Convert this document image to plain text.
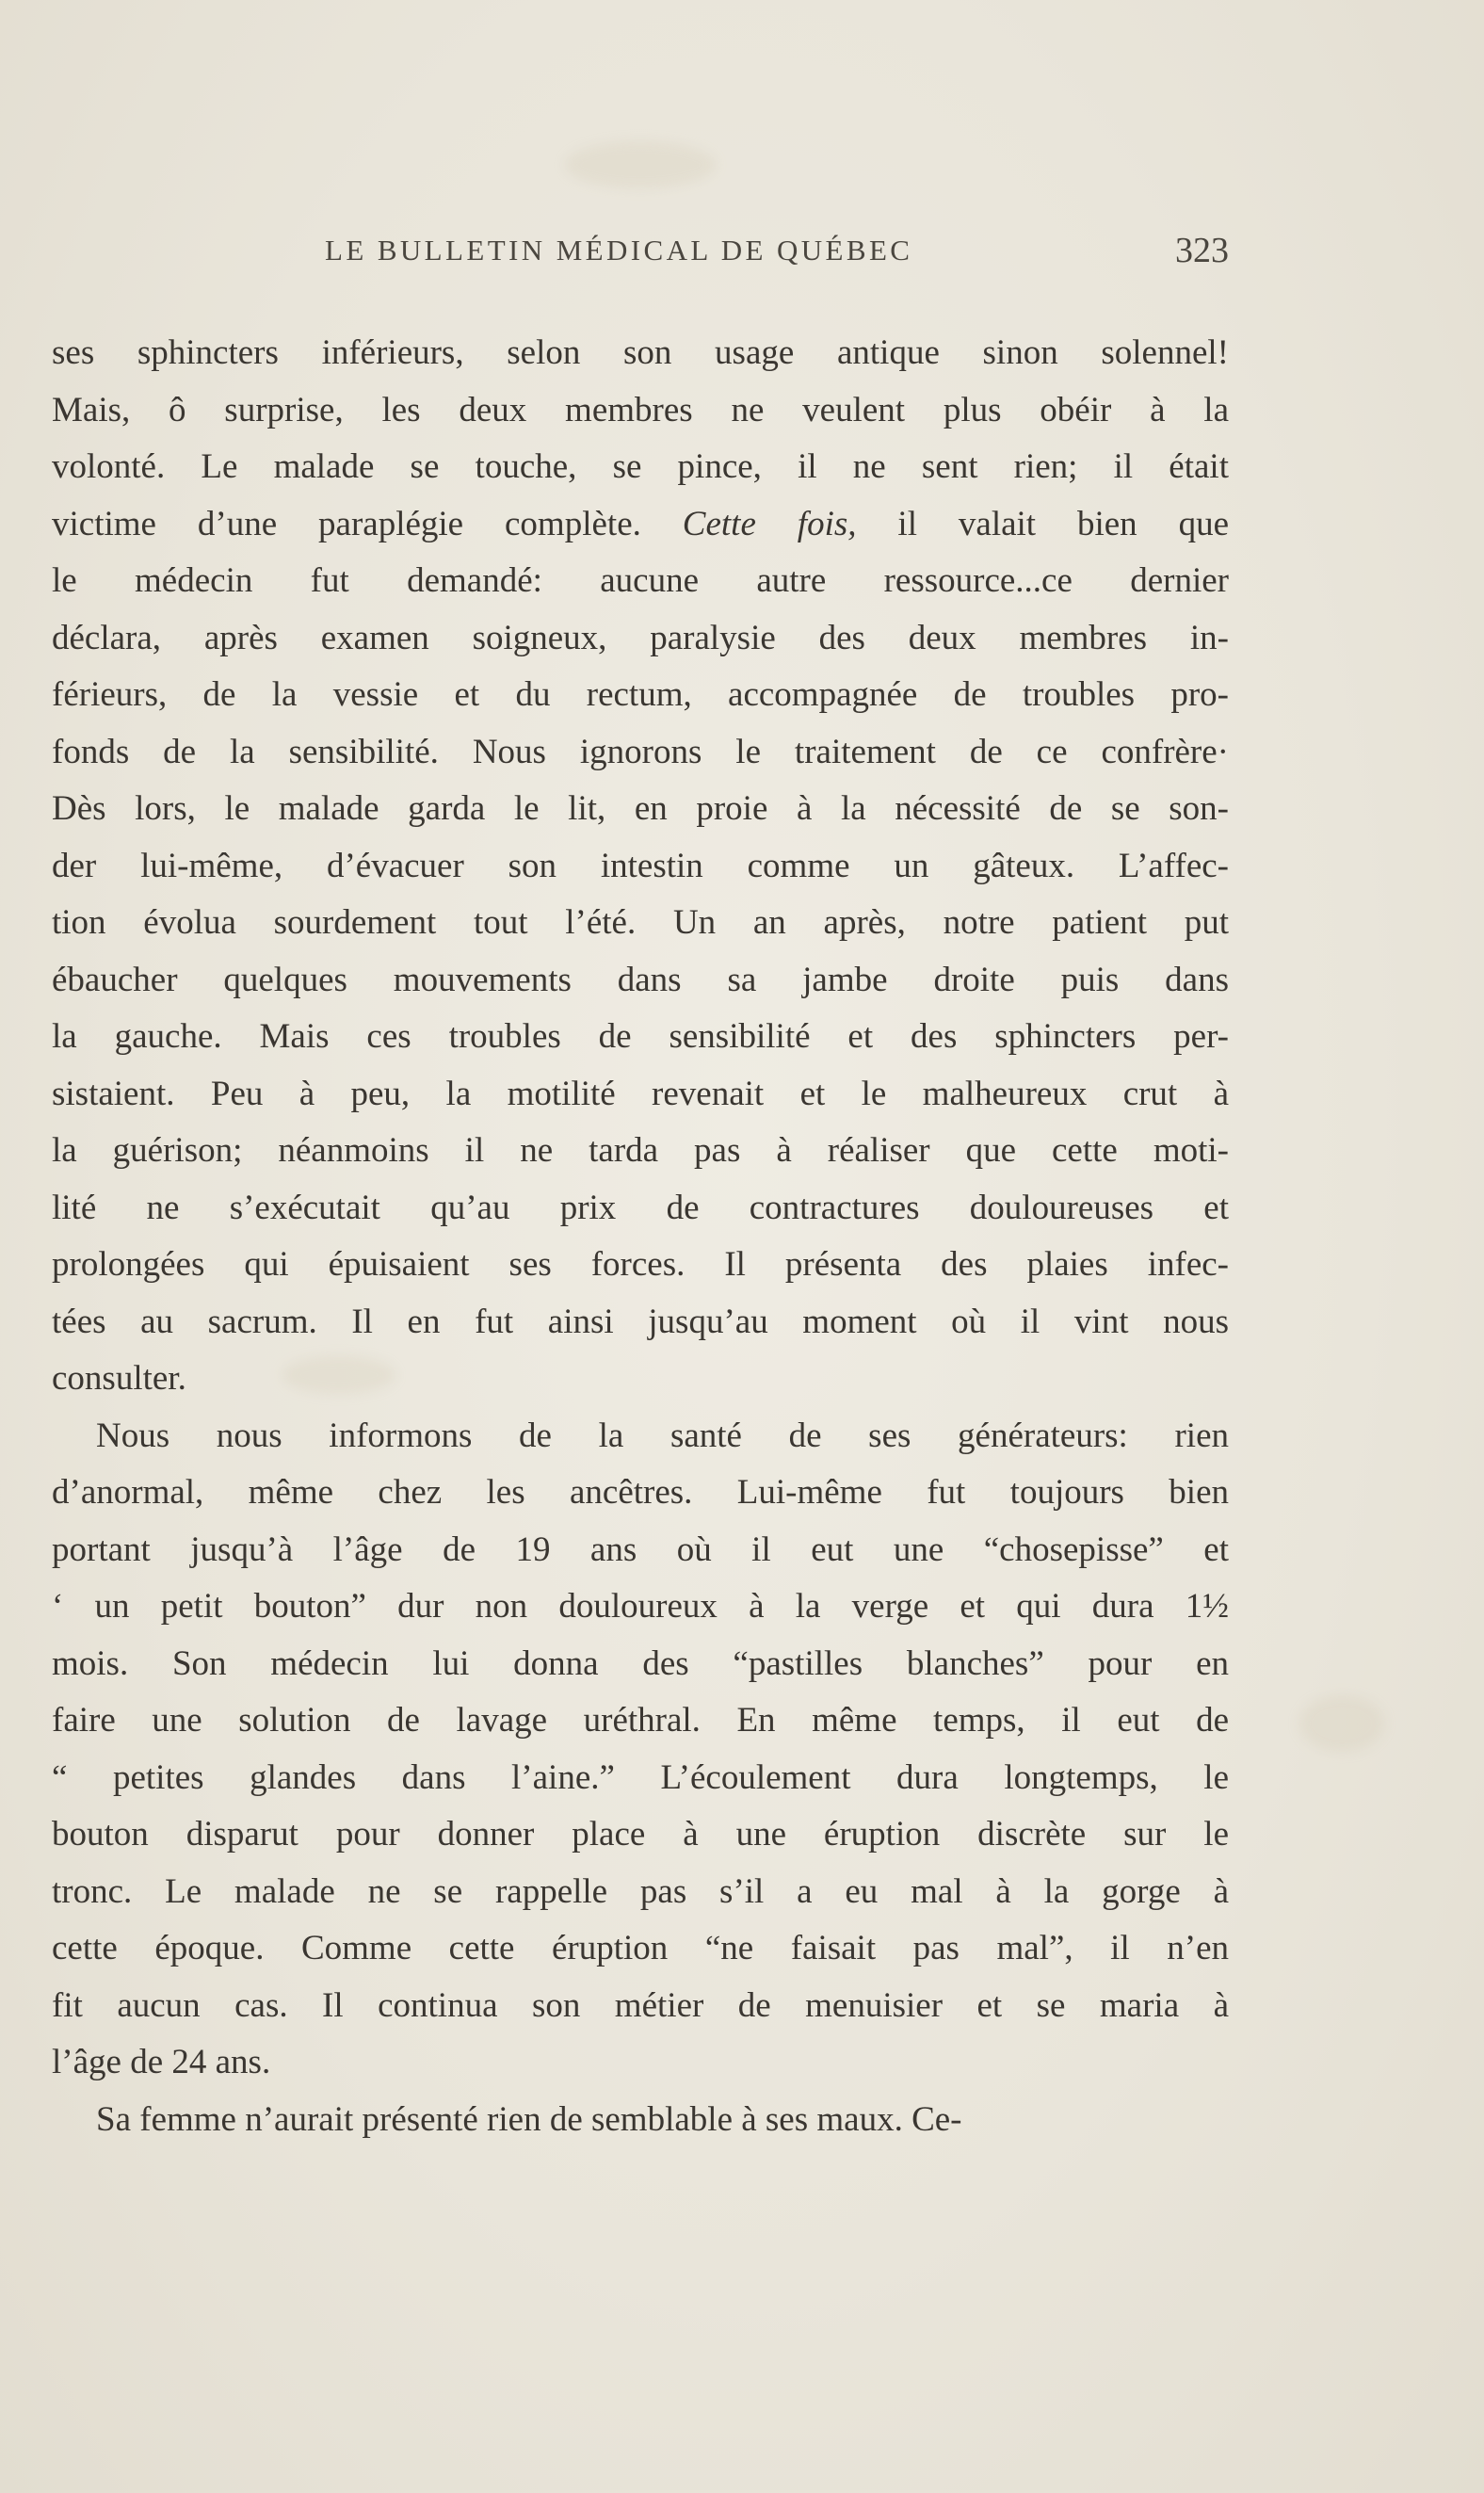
LE BULLETIN MÉDICAL DE QUÉBEC	323
ses sphincters inférieurs, selon son usage antique sinon solennel!
Mais, ô surprise, les deux membres ne veulent plus obéir à la
volonté. Le malade se touche, se pince, il ne sent rien; il était
victime d’une paraplégie complète. Cette fois, il valait bien que
le médecin fut demandé: aucune autre ressource...ce dernier
déclara, après examen soigneux, paralysie des deux membres in-
férieurs, de la vessie et du rectum, accompagnée de troubles pro-
fonds de la sensibilité. Nous ignorons le traitement de ce confrère·
Dès lors, le malade garda le lit, en proie à la nécessité de se son-
der lui-même, d’évacuer son intestin comme un gâteux. L’affec-
tion évolua sourdement tout l’été. Un an après, notre patient put
ébaucher quelques mouvements dans sa jambe droite puis dans
la gauche. Mais ces troubles de sensibilité et des sphincters per-
sistaient. Peu à peu, la motilité revenait et le malheureux crut à
la guérison; néanmoins il ne tarda pas à réaliser que cette moti-
lité ne s’exécutait qu’au prix de contractures douloureuses et
prolongées qui épuisaient ses forces. Il présenta des plaies infec-
tées au sacrum. Il en fut ainsi jusqu’au moment où il vint nous
consulter.
Nous nous informons de la santé de ses générateurs: rien
d’anormal, même chez les ancêtres. Lui-même fut toujours bien
portant jusqu’à l’âge de 19 ans où il eut une “chosepisse” et
‘ un petit bouton” dur non douloureux à la verge et qui dura 1½
mois. Son médecin lui donna des “pastilles blanches” pour en
faire une solution de lavage uréthral. En même temps, il eut de
“ petites glandes dans l’aine.” L’écoulement dura longtemps, le
bouton disparut pour donner place à une éruption discrète sur le
tronc. Le malade ne se rappelle pas s’il a eu mal à la gorge à
cette époque. Comme cette éruption “ne faisait pas mal”, il n’en
fit aucun cas. Il continua son métier de menuisier et se maria à
l’âge de 24 ans.
Sa femme n’aurait présenté rien de semblable à ses maux. Ce-
